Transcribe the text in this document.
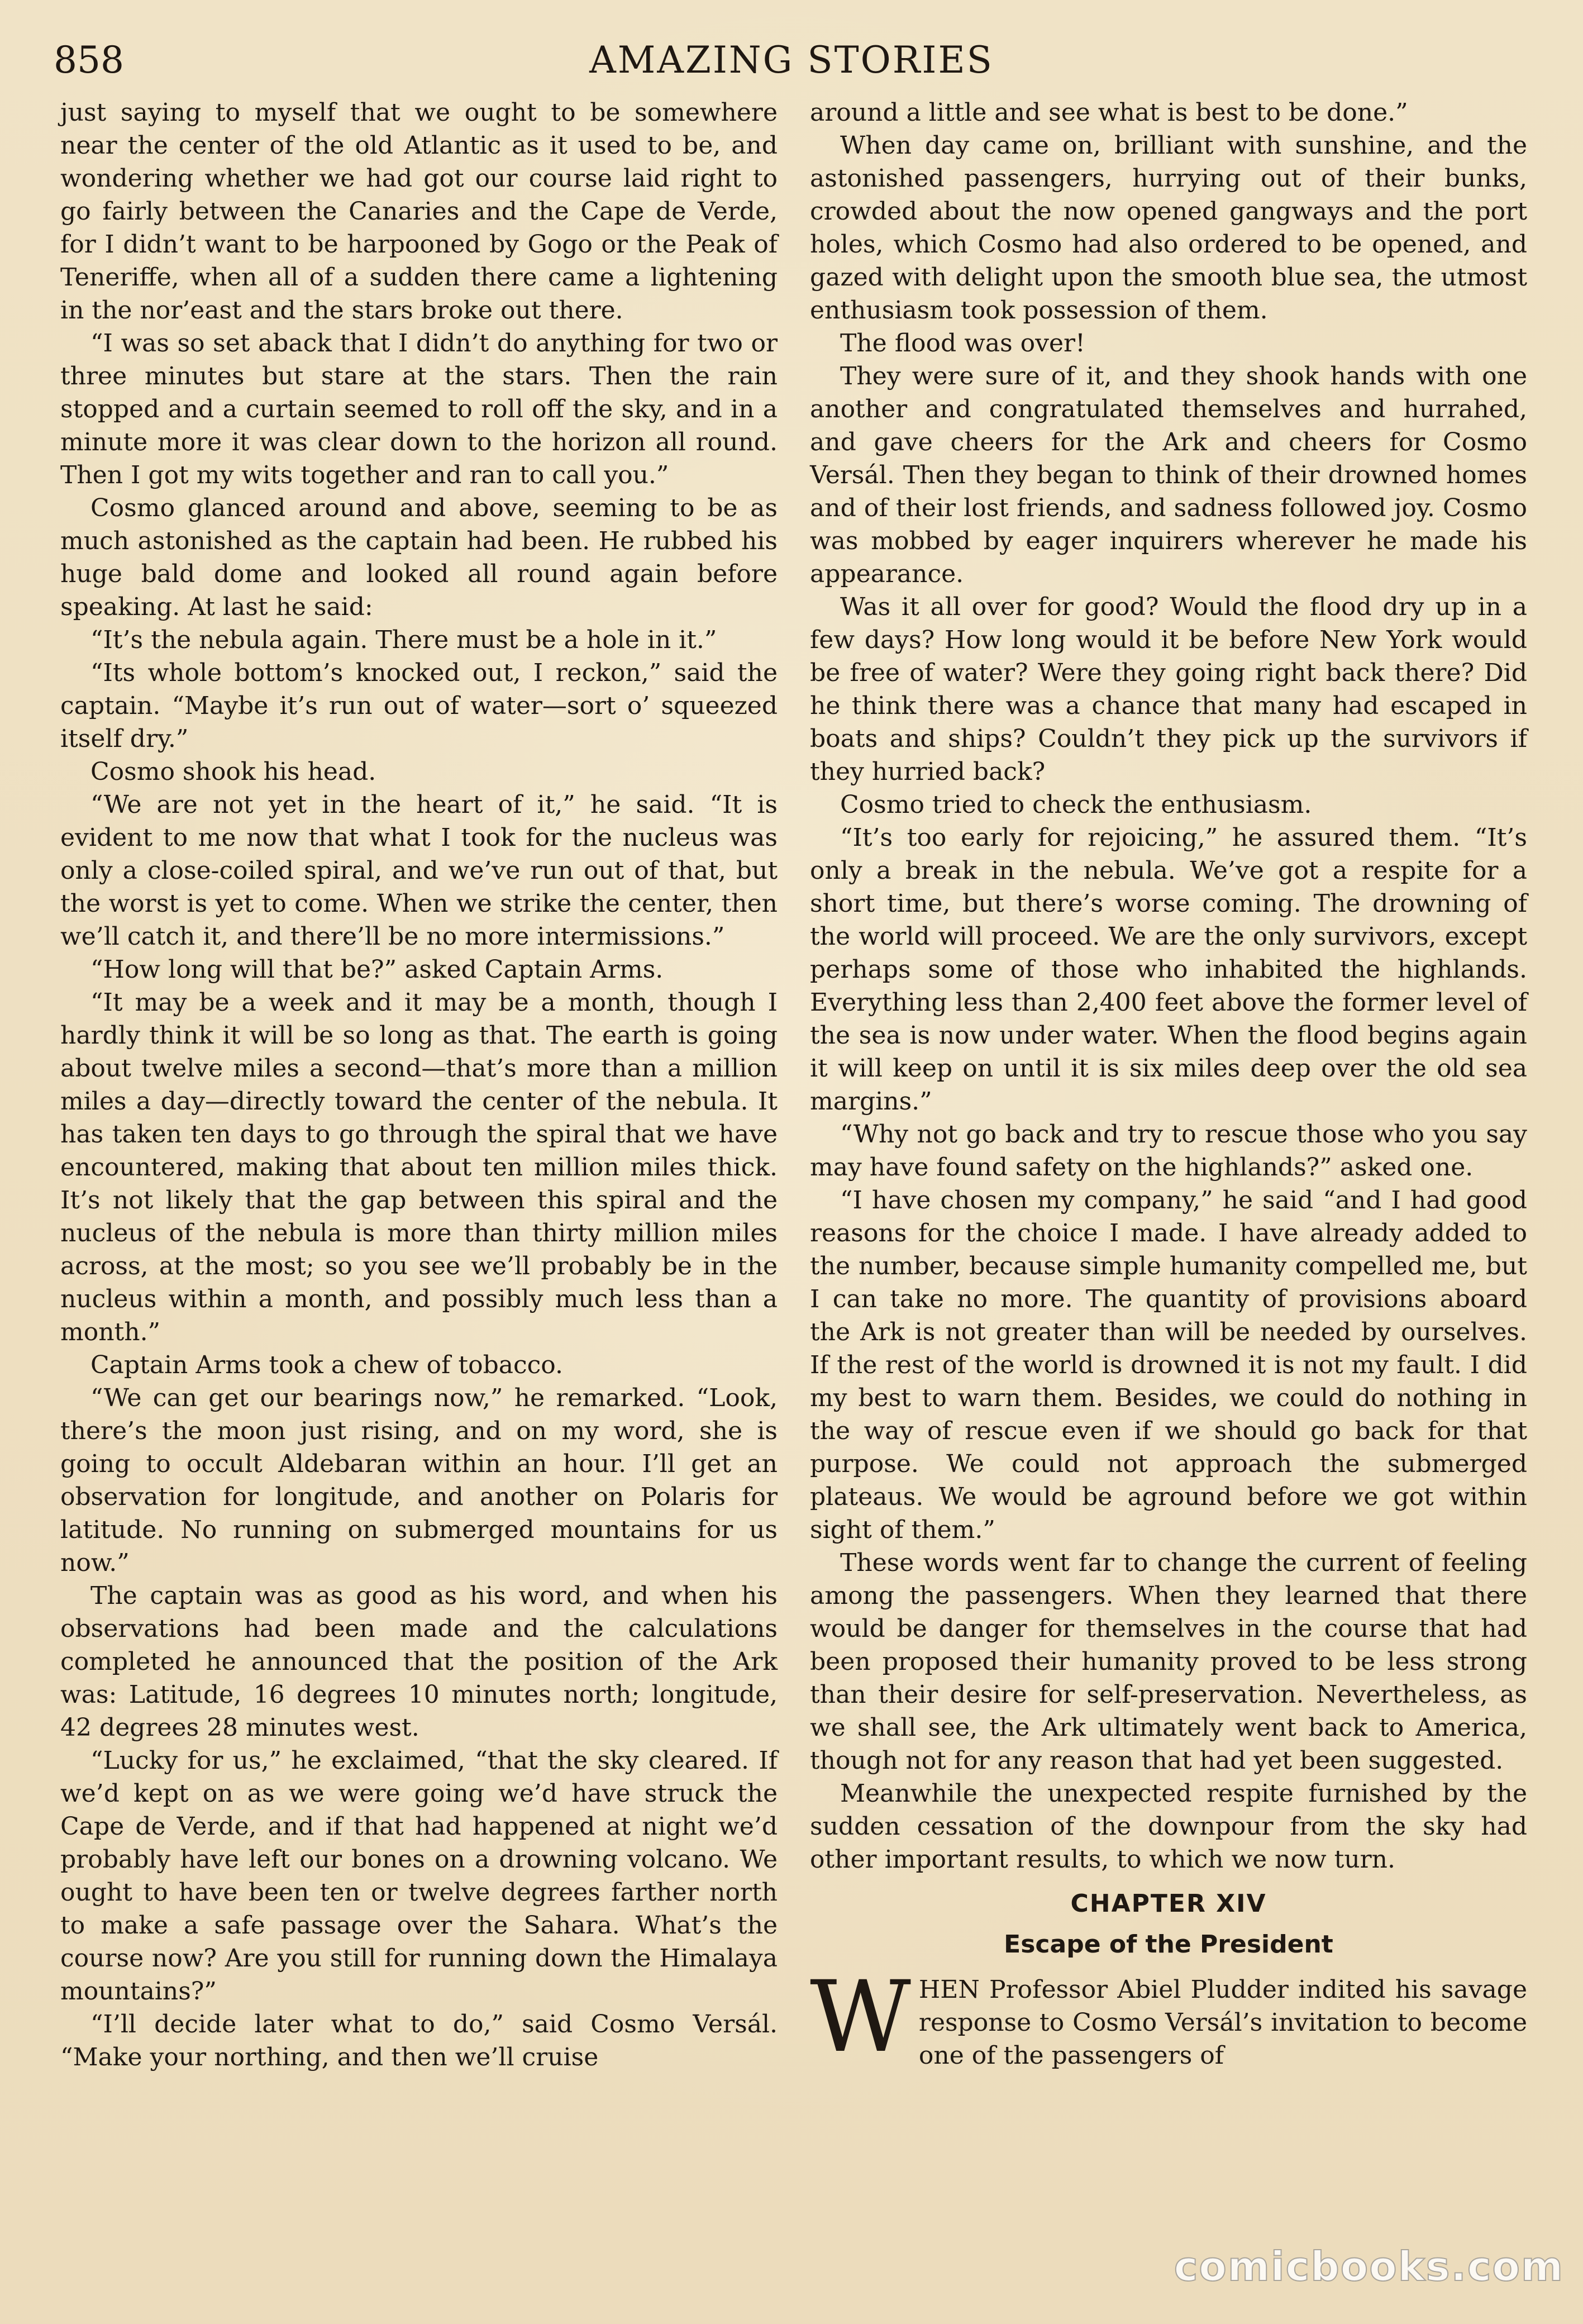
858	AMAZING STORIES

just saying to myself that we ought to be somewhere near the center of the old Atlantic as it used to be, and wondering whether we had got our course laid right to go fairly between the Canaries and the Cape de Verde, for I didn’t want to be harpooned by Gogo or the Peak of Teneriffe, when all of a sudden there came a lightening in the nor’east and the stars broke out there.

“I was so set aback that I didn’t do anything for two or three minutes but stare at the stars. Then the rain stopped and a curtain seemed to roll off the sky, and in a minute more it was clear down to the horizon all round. Then I got my wits together and ran to call you.”

Cosmo glanced around and above, seeming to be as much astonished as the captain had been. He rubbed his huge bald dome and looked all round again before speaking. At last he said:

“It’s the nebula again. There must be a hole in it.”

“Its whole bottom’s knocked out, I reckon,” said the captain. “Maybe it’s run out of water—sort o’ squeezed itself dry.”

Cosmo shook his head.

“We are not yet in the heart of it,” he said. “It is evident to me now that what I took for the nucleus was only a close-coiled spiral, and we’ve run out of that, but the worst is yet to come. When we strike the center, then we’ll catch it, and there’ll be no more intermissions.”

“How long will that be?” asked Captain Arms.

“It may be a week and it may be a month, though I hardly think it will be so long as that. The earth is going about twelve miles a second—that’s more than a million miles a day—directly toward the center of the nebula. It has taken ten days to go through the spiral that we have encountered, making that about ten million miles thick. It’s not likely that the gap between this spiral and the nucleus of the nebula is more than thirty million miles across, at the most; so you see we’ll probably be in the nucleus within a month, and possibly much less than a month.”

Captain Arms took a chew of tobacco.

“We can get our bearings now,” he remarked. “Look, there’s the moon just rising, and on my word, she is going to occult Aldebaran within an hour. I’ll get an observation for longitude, and another on Polaris for latitude. No running on submerged mountains for us now.”

The captain was as good as his word, and when his observations had been made and the calculations completed he announced that the position of the Ark was: Latitude, 16 degrees 10 minutes north; longitude, 42 degrees 28 minutes west.

“Lucky for us,” he exclaimed, “that the sky cleared. If we’d kept on as we were going we’d have struck the Cape de Verde, and if that had happened at night we’d probably have left our bones on a drowning volcano. We ought to have been ten or twelve degrees farther north to make a safe passage over the Sahara. What’s the course now? Are you still for running down the Himalaya mountains?”

“I’ll decide later what to do,” said Cosmo Versál. “Make your northing, and then we’ll cruise

around a little and see what is best to be done.”

When day came on, brilliant with sunshine, and the astonished passengers, hurrying out of their bunks, crowded about the now opened gangways and the port holes, which Cosmo had also ordered to be opened, and gazed with delight upon the smooth blue sea, the utmost enthusiasm took possession of them.

The flood was over!

They were sure of it, and they shook hands with one another and congratulated themselves and hurrahed, and gave cheers for the Ark and cheers for Cosmo Versál. Then they began to think of their drowned homes and of their lost friends, and sadness followed joy. Cosmo was mobbed by eager inquirers wherever he made his appearance.

Was it all over for good? Would the flood dry up in a few days? How long would it be before New York would be free of water? Were they going right back there? Did he think there was a chance that many had escaped in boats and ships? Couldn’t they pick up the survivors if they hurried back?

Cosmo tried to check the enthusiasm.

“It’s too early for rejoicing,” he assured them. “It’s only a break in the nebula. We’ve got a respite for a short time, but there’s worse coming. The drowning of the world will proceed. We are the only survivors, except perhaps some of those who inhabited the highlands. Everything less than 2,400 feet above the former level of the sea is now under water. When the flood begins again it will keep on until it is six miles deep over the old sea margins.”

“Why not go back and try to rescue those who you say may have found safety on the highlands?” asked one.

“I have chosen my company,” he said “and I had good reasons for the choice I made. I have already added to the number, because simple humanity compelled me, but I can take no more. The quantity of provisions aboard the Ark is not greater than will be needed by ourselves. If the rest of the world is drowned it is not my fault. I did my best to warn them. Besides, we could do nothing in the way of rescue even if we should go back for that purpose. We could not approach the submerged plateaus. We would be aground before we got within sight of them.”

These words went far to change the current of feeling among the passengers. When they learned that there would be danger for themselves in the course that had been proposed their humanity proved to be less strong than their desire for self-preservation. Nevertheless, as we shall see, the Ark ultimately went back to America, though not for any reason that had yet been suggested.

Meanwhile the unexpected respite furnished by the sudden cessation of the downpour from the sky had other important results, to which we now turn.

CHAPTER XIV
Escape of the President

WHEN Professor Abiel Pludder indited his savage response to Cosmo Versál’s invitation to become one of the passengers of

comicbooks.com
